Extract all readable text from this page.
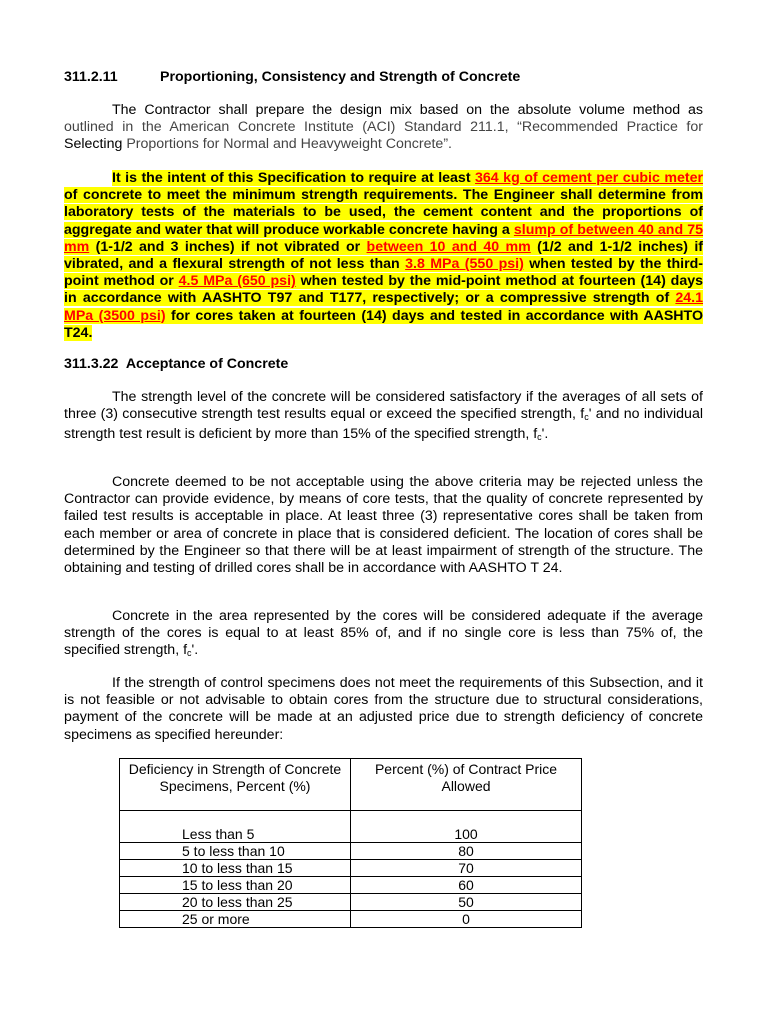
311.2.11	Proportioning, Consistency and Strength of Concrete
The Contractor shall prepare the design mix based on the absolute volume method as outlined in the American Concrete Institute (ACI) Standard 211.1, “Recommended Practice for Selecting Proportions for Normal and Heavyweight Concrete”.
It is the intent of this Specification to require at least 364 kg of cement per cubic meter of concrete to meet the minimum strength requirements. The Engineer shall determine from laboratory tests of the materials to be used, the cement content and the proportions of aggregate and water that will produce workable concrete having a slump of between 40 and 75 mm (1-1/2 and 3 inches) if not vibrated or between 10 and 40 mm (1/2 and 1-1/2 inches) if vibrated, and a flexural strength of not less than 3.8 MPa (550 psi) when tested by the third-point method or 4.5 MPa (650 psi) when tested by the mid-point method at fourteen (14) days in accordance with AASHTO T97 and T177, respectively; or a compressive strength of 24.1 MPa (3500 psi) for cores taken at fourteen (14) days and tested in accordance with AASHTO T24.
311.3.22 Acceptance of Concrete
The strength level of the concrete will be considered satisfactory if the averages of all sets of three (3) consecutive strength test results equal or exceed the specified strength, $f_c'$ and no individual strength test result is deficient by more than 15% of the specified strength, $f_c'$.
Concrete deemed to be not acceptable using the above criteria may be rejected unless the Contractor can provide evidence, by means of core tests, that the quality of concrete represented by failed test results is acceptable in place. At least three (3) representative cores shall be taken from each member or area of concrete in place that is considered deficient. The location of cores shall be determined by the Engineer so that there will be at least impairment of strength of the structure. The obtaining and testing of drilled cores shall be in accordance with AASHTO T 24.
Concrete in the area represented by the cores will be considered adequate if the average strength of the cores is equal to at least 85% of, and if no single core is less than 75% of, the specified strength, $f_c'$.
If the strength of control specimens does not meet the requirements of this Subsection, and it is not feasible or not advisable to obtain cores from the structure due to structural considerations, payment of the concrete will be made at an adjusted price due to strength deficiency of concrete specimens as specified hereunder:
Deficiency in Strength of Concrete Specimens, Percent (%)	Percent (%) of Contract Price Allowed
Less than 5	100
5 to less than 10	80
10 to less than 15	70
15 to less than 20	60
20 to less than 25	50
25 or more	0
